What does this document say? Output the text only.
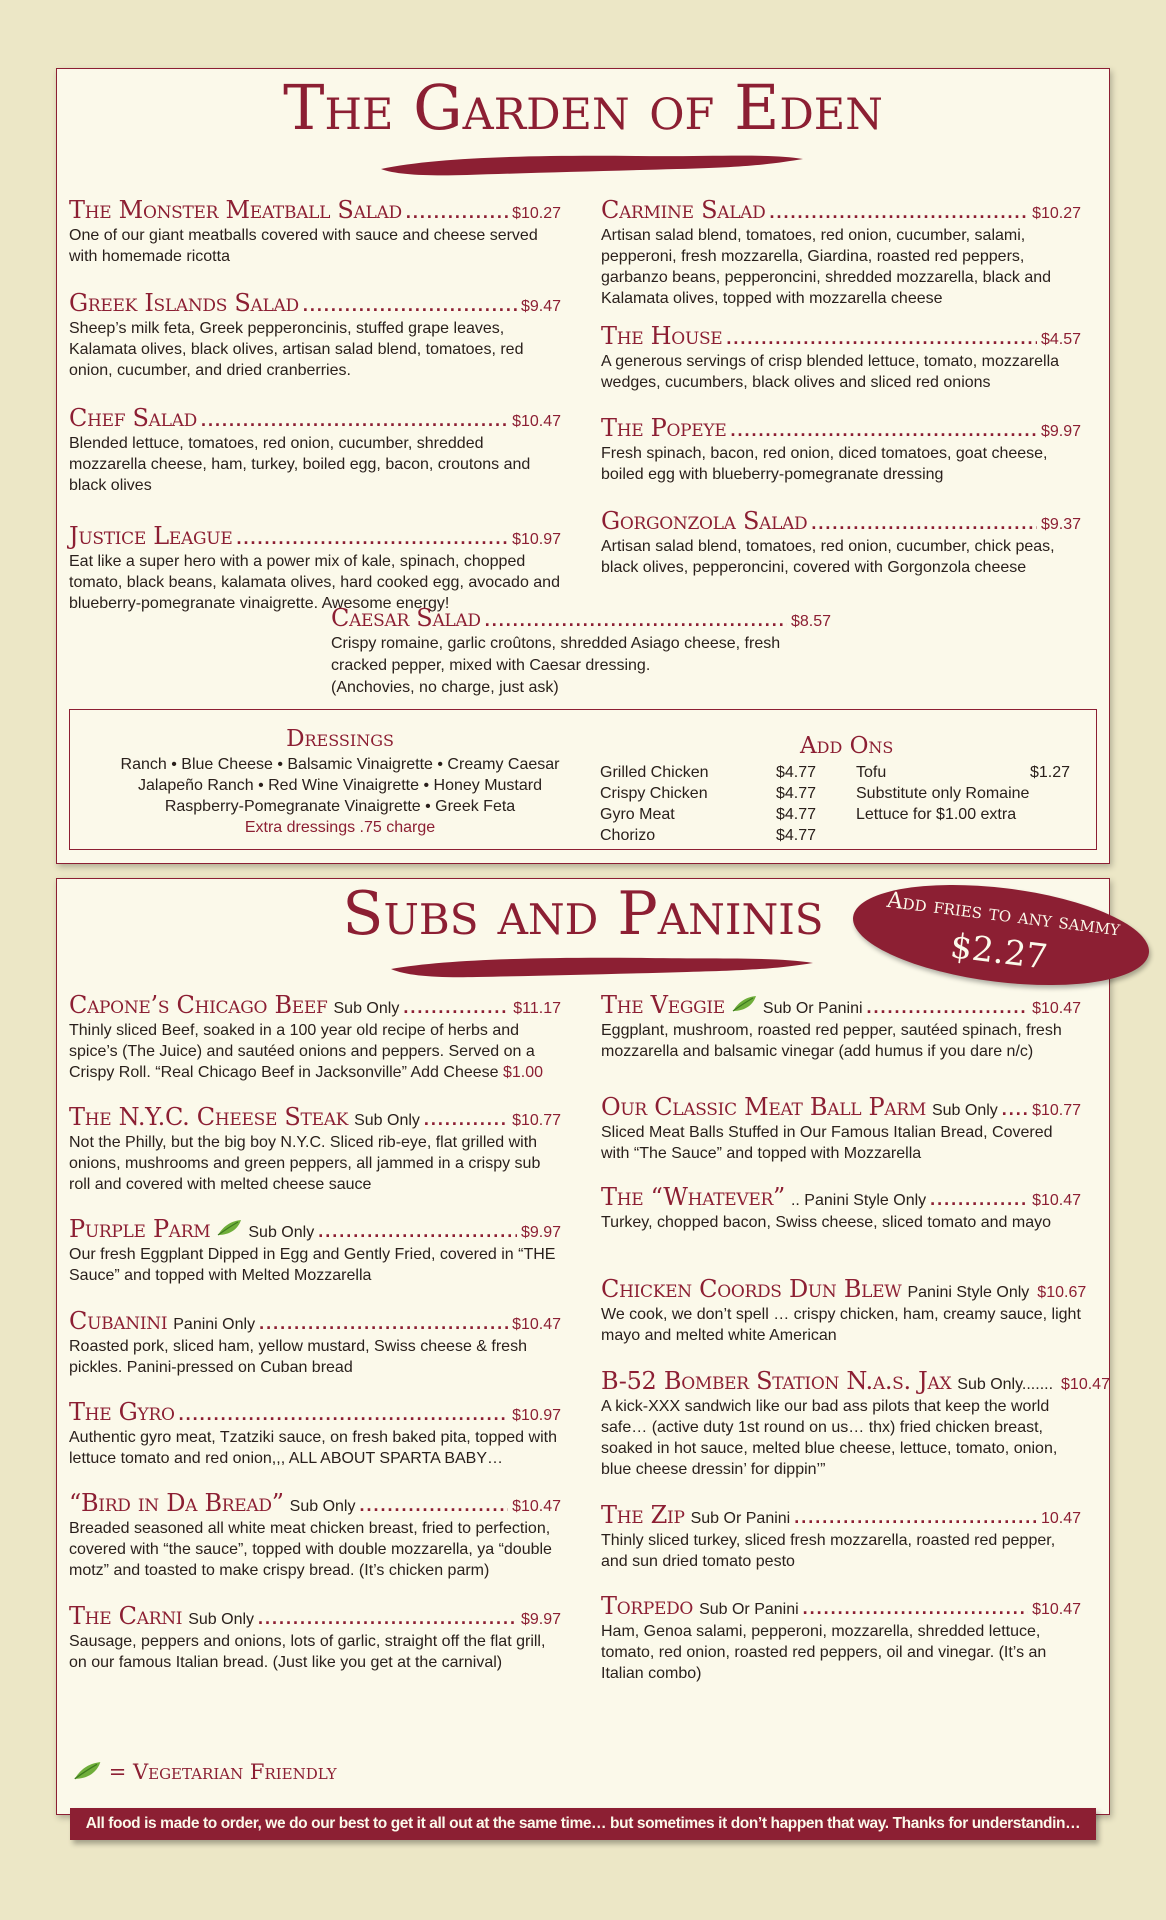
The Garden of Eden
The Monster Meatball Salad .....	$10.27
One of our giant meatballs covered with sauce and cheese served with homemade ricotta
Greek Islands Salad .....	$9.47
Sheep’s milk feta, Greek pepperoncinis, stuffed grape leaves, Kalamata olives, black olives, artisan salad blend, tomatoes, red onion, cucumber, and dried cranberries.
Chef Salad .....	$10.47
Blended lettuce, tomatoes, red onion, cucumber, shredded mozzarella cheese, ham, turkey, boiled egg, bacon, croutons and black olives
Justice League .....	$10.97
Eat like a super hero with a power mix of kale, spinach, chopped tomato, black beans, kalamata olives, hard cooked egg, avocado and blueberry-pomegranate vinaigrette. Awesome energy!
Carmine Salad .....	$10.27
Artisan salad blend, tomatoes, red onion, cucumber, salami, pepperoni, fresh mozzarella, Giardina, roasted red peppers, garbanzo beans, pepperoncini, shredded mozzarella, black and Kalamata olives, topped with mozzarella cheese
The House .....	$4.57
A generous servings of crisp blended lettuce, tomato, mozzarella wedges, cucumbers, black olives and sliced red onions
The Popeye .....	$9.97
Fresh spinach, bacon, red onion, diced tomatoes, goat cheese, boiled egg with blueberry-pomegranate dressing
Gorgonzola Salad .....	$9.37
Artisan salad blend, tomatoes, red onion, cucumber, chick peas, black olives, pepperoncini, covered with Gorgonzola cheese
Caesar Salad .....	$8.57
Crispy romaine, garlic croûtons, shredded Asiago cheese, fresh
cracked pepper, mixed with Caesar dressing.
(Anchovies, no charge, just ask)
Dressings
Ranch • Blue Cheese • Balsamic Vinaigrette • Creamy Caesar
Jalapeño Ranch • Red Wine Vinaigrette • Honey Mustard
Raspberry-Pomegranate Vinaigrette • Greek Feta
Extra dressings .75 charge
Add Ons
Grilled Chicken	$4.77
Crispy Chicken	$4.77
Gyro Meat	$4.77
Chorizo	$4.77
Tofu	$1.27
Substitute only Romaine
Lettuce for $1.00 extra
Subs and Paninis
Capone’s Chicago Beef Sub Only .....	$11.17
Thinly sliced Beef, soaked in a 100 year old recipe of herbs and spice’s (The Juice) and sautéed onions and peppers. Served on a Crispy Roll. “Real Chicago Beef in Jacksonville” Add Cheese $1.00
The N.Y.C. Cheese Steak Sub Only .....	$10.77
Not the Philly, but the big boy N.Y.C. Sliced rib-eye, flat grilled with onions, mushrooms and green peppers, all jammed in a crispy sub roll and covered with melted cheese sauce
Purple Parm Sub Only .....	$9.97
Our fresh Eggplant Dipped in Egg and Gently Fried, covered in “THE Sauce” and topped with Melted Mozzarella
Cubanini Panini Only .....	$10.47
Roasted pork, sliced ham, yellow mustard, Swiss cheese & fresh pickles. Panini-pressed on Cuban bread
The Gyro .....	$10.97
Authentic gyro meat, Tzatziki sauce, on fresh baked pita, topped with lettuce tomato and red onion,,, ALL ABOUT SPARTA BABY…
“Bird in Da Bread” Sub Only .....	$10.47
Breaded seasoned all white meat chicken breast, fried to perfection, covered with “the sauce”, topped with double mozzarella, ya “double motz” and toasted to make crispy bread. (It’s chicken parm)
The Carni Sub Only .....	$9.97
Sausage, peppers and onions, lots of garlic, straight off the flat grill, on our famous Italian bread. (Just like you get at the carnival)
The Veggie Sub Or Panini .....	$10.47
Eggplant, mushroom, roasted red pepper, sautéed spinach, fresh mozzarella and balsamic vinegar (add humus if you dare n/c)
Our Classic Meat Ball Parm Sub Only ..... $10.77
Sliced Meat Balls Stuffed in Our Famous Italian Bread, Covered with “The Sauce” and topped with Mozzarella
The “Whatever” .. Panini Style Only .....	$10.47
Turkey, chopped bacon, Swiss cheese, sliced tomato and mayo
Chicken Coords Dun Blew Panini Style Only $10.67
We cook, we don’t spell … crispy chicken, ham, creamy sauce, light mayo and melted white American
B-52 Bomber Station N.a.s. Jax Sub Only....... $10.47
A kick-XXX sandwich like our bad ass pilots that keep the world safe… (active duty 1st round on us… thx) fried chicken breast, soaked in hot sauce, melted blue cheese, lettuce, tomato, onion, blue cheese dressin’ for dippin’”
The Zip Sub Or Panini .....	10.47
Thinly sliced turkey, sliced fresh mozzarella, roasted red pepper, and sun dried tomato pesto
Torpedo Sub Or Panini .....	$10.47
Ham, Genoa salami, pepperoni, mozzarella, shredded lettuce, tomato, red onion, roasted red peppers, oil and vinegar. (It’s an Italian combo)
Add fries to any sammy
$2.27
= Vegetarian Friendly
All food is made to order, we do our best to get it all out at the same time… but sometimes it don’t happen that way. Thanks for understandin…
